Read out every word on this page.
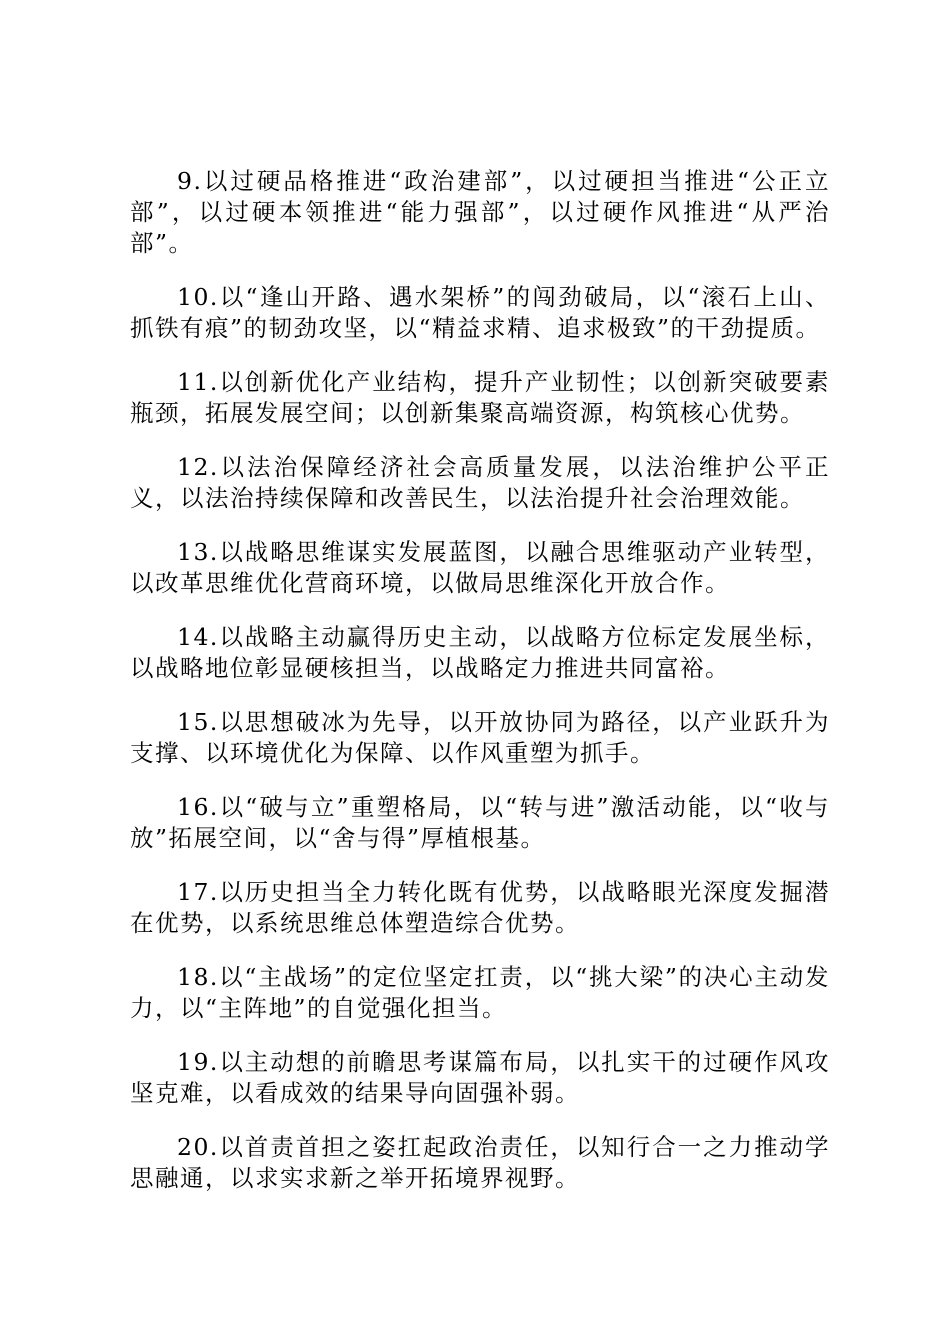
9.以过硬品格推进“政治建部”，以过硬担当推进“公正立部”，以过硬本领推进“能力强部”，以过硬作风推进“从严治部”。

10.以“逢山开路、遇水架桥”的闯劲破局，以“滚石上山、抓铁有痕”的韧劲攻坚，以“精益求精、追求极致”的干劲提质。

11.以创新优化产业结构，提升产业韧性；以创新突破要素瓶颈，拓展发展空间；以创新集聚高端资源，构筑核心优势。

12.以法治保障经济社会高质量发展，以法治维护公平正义，以法治持续保障和改善民生，以法治提升社会治理效能。

13.以战略思维谋实发展蓝图，以融合思维驱动产业转型，以改革思维优化营商环境，以做局思维深化开放合作。

14.以战略主动赢得历史主动，以战略方位标定发展坐标，以战略地位彰显硬核担当，以战略定力推进共同富裕。

15.以思想破冰为先导，以开放协同为路径，以产业跃升为支撑、以环境优化为保障、以作风重塑为抓手。

16.以“破与立”重塑格局，以“转与进”激活动能，以“收与放”拓展空间，以“舍与得”厚植根基。

17.以历史担当全力转化既有优势，以战略眼光深度发掘潜在优势，以系统思维总体塑造综合优势。

18.以“主战场”的定位坚定扛责，以“挑大梁”的决心主动发力，以“主阵地”的自觉强化担当。

19.以主动想的前瞻思考谋篇布局，以扎实干的过硬作风攻坚克难，以看成效的结果导向固强补弱。

20.以首责首担之姿扛起政治责任，以知行合一之力推动学思融通，以求实求新之举开拓境界视野。
